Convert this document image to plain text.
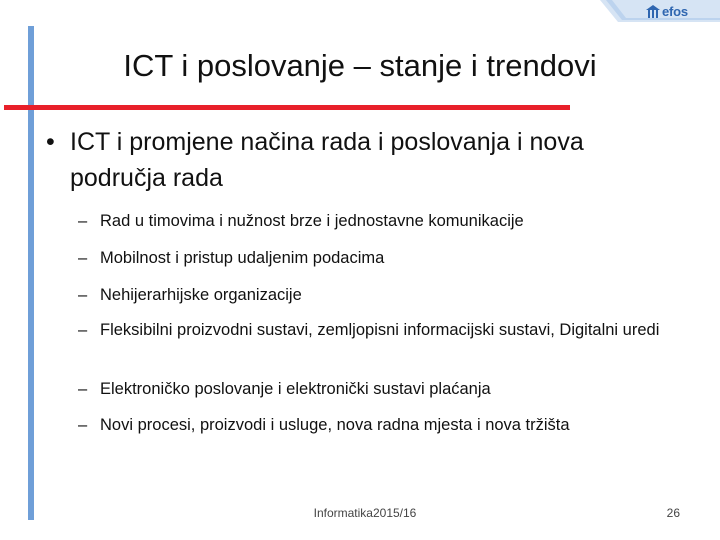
efos
ICT i poslovanje – stanje i trendovi
• ICT i promjene načina rada i poslovanja i nova područja rada
– Rad u timovima i nužnost brze i jednostavne komunikacije
– Mobilnost i pristup udaljenim podacima
– Nehijerarhijske organizacije
– Fleksibilni proizvodni sustavi, zemljopisni informacijski sustavi, Digitalni uredi
– Elektroničko poslovanje i elektronički sustavi plaćanja
– Novi procesi, proizvodi i usluge, nova radna mjesta i nova tržišta
Informatika2015/16	26
